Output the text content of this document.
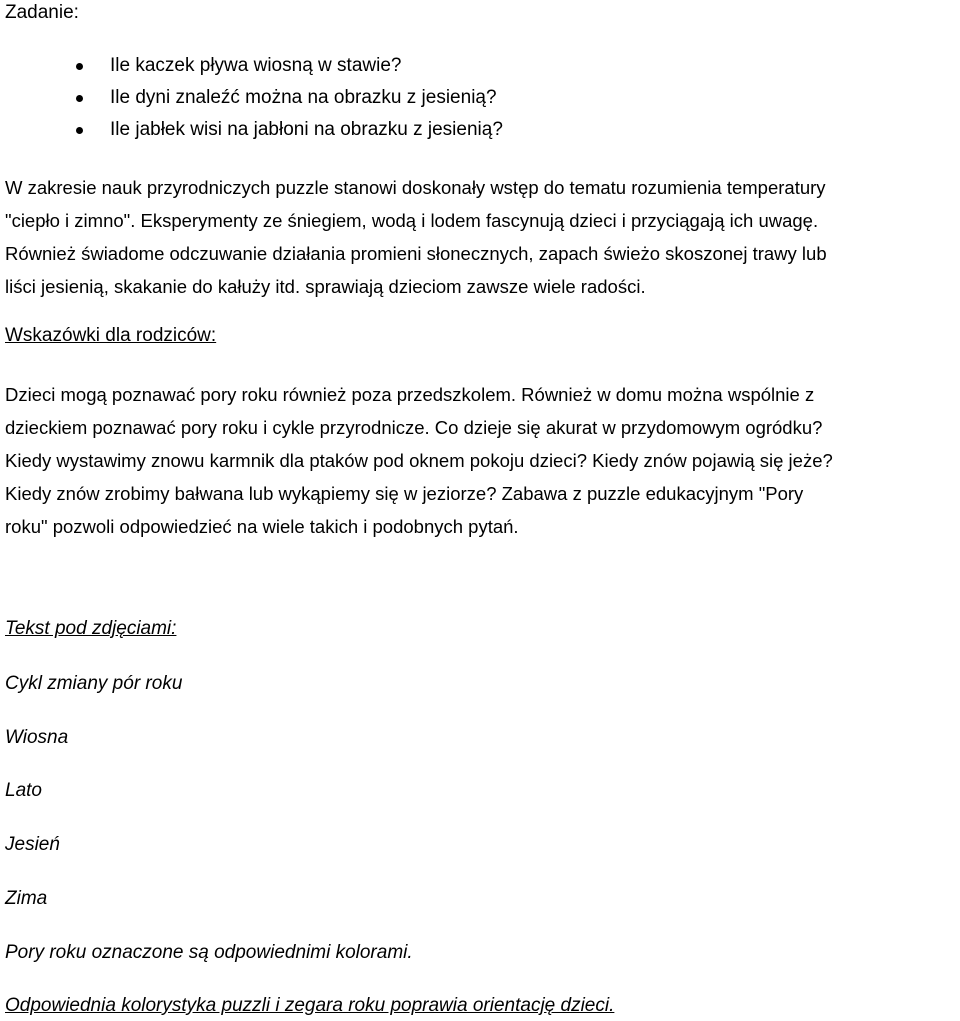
Zadanie:
Ile kaczek pływa wiosną w stawie?
Ile dyni znaleźć można na obrazku z jesienią?
Ile jabłek wisi na jabłoni na obrazku z jesienią?
W zakresie nauk przyrodniczych puzzle stanowi doskonały wstęp do tematu rozumienia temperatury
"ciepło i zimno". Eksperymenty ze śniegiem, wodą i lodem fascynują dzieci i przyciągają ich uwagę.
Również świadome odczuwanie działania promieni słonecznych, zapach świeżo skoszonej trawy lub
liści jesienią, skakanie do kałuży itd. sprawiają dzieciom zawsze wiele radości.
Wskazówki dla rodziców:
Dzieci mogą poznawać pory roku również poza przedszkolem. Również w domu można wspólnie z
dzieckiem poznawać pory roku i cykle przyrodnicze. Co dzieje się akurat w przydomowym ogródku?
Kiedy wystawimy znowu karmnik dla ptaków pod oknem pokoju dzieci? Kiedy znów pojawią się jeże?
Kiedy znów zrobimy bałwana lub wykąpiemy się w jeziorze? Zabawa z puzzle edukacyjnym "Pory
roku" pozwoli odpowiedzieć na wiele takich i podobnych pytań.
Tekst pod zdjęciami:
Cykl zmiany pór roku
Wiosna
Lato
Jesień
Zima
Pory roku oznaczone są odpowiednimi kolorami.
Odpowiednia kolorystyka puzzli i zegara roku poprawia orientację dzieci.
